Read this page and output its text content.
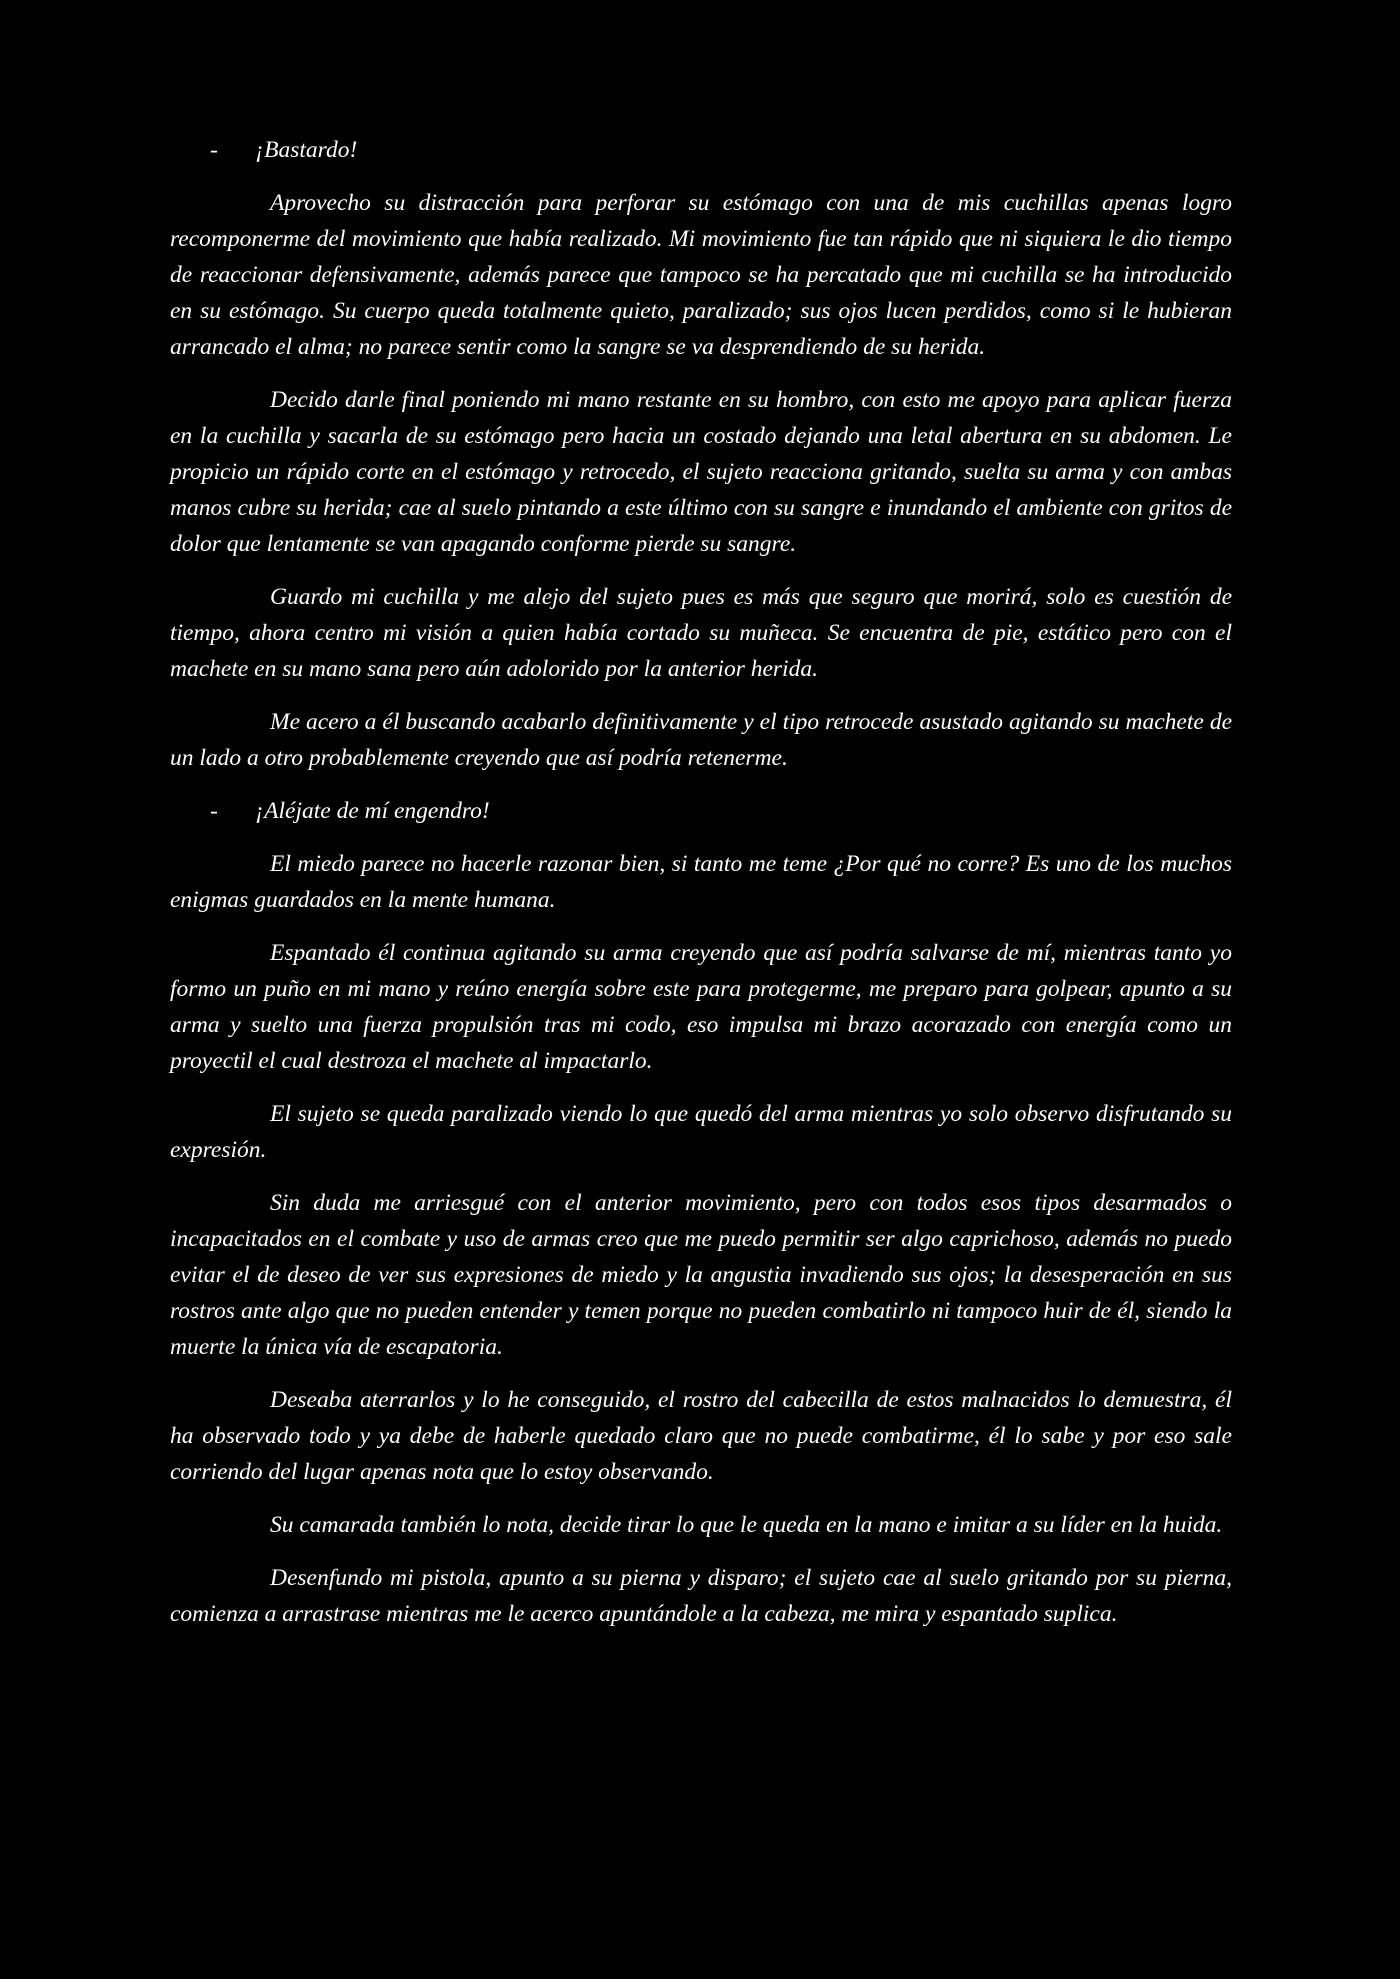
-	¡Bastardo!

Aprovecho su distracción para perforar su estómago con una de mis cuchillas apenas logro recomponerme del movimiento que había realizado. Mi movimiento fue tan rápido que ni siquiera le dio tiempo de reaccionar defensivamente, además parece que tampoco se ha percatado que mi cuchilla se ha introducido en su estómago. Su cuerpo queda totalmente quieto, paralizado; sus ojos lucen perdidos, como si le hubieran arrancado el alma; no parece sentir como la sangre se va desprendiendo de su herida.

Decido darle final poniendo mi mano restante en su hombro, con esto me apoyo para aplicar fuerza en la cuchilla y sacarla de su estómago pero hacia un costado dejando una letal abertura en su abdomen. Le propicio un rápido corte en el estómago y retrocedo, el sujeto reacciona gritando, suelta su arma y con ambas manos cubre su herida; cae al suelo pintando a este último con su sangre e inundando el ambiente con gritos de dolor que lentamente se van apagando conforme pierde su sangre.

Guardo mi cuchilla y me alejo del sujeto pues es más que seguro que morirá, solo es cuestión de tiempo, ahora centro mi visión a quien había cortado su muñeca. Se encuentra de pie, estático pero con el machete en su mano sana pero aún adolorido por la anterior herida.

Me acero a él buscando acabarlo definitivamente y el tipo retrocede asustado agitando su machete de un lado a otro probablemente creyendo que así podría retenerme.

-	¡Aléjate de mí engendro!

El miedo parece no hacerle razonar bien, si tanto me teme ¿Por qué no corre? Es uno de los muchos enigmas guardados en la mente humana.

Espantado él continua agitando su arma creyendo que así podría salvarse de mí, mientras tanto yo formo un puño en mi mano y reúno energía sobre este para protegerme, me preparo para golpear, apunto a su arma y suelto una fuerza propulsión tras mi codo, eso impulsa mi brazo acorazado con energía como un proyectil el cual destroza el machete al impactarlo.

El sujeto se queda paralizado viendo lo que quedó del arma mientras yo solo observo disfrutando su expresión.

Sin duda me arriesgué con el anterior movimiento, pero con todos esos tipos desarmados o incapacitados en el combate y uso de armas creo que me puedo permitir ser algo caprichoso, además no puedo evitar el de deseo de ver sus expresiones de miedo y la angustia invadiendo sus ojos; la desesperación en sus rostros ante algo que no pueden entender y temen porque no pueden combatirlo ni tampoco huir de él, siendo la muerte la única vía de escapatoria.

Deseaba aterrarlos y lo he conseguido, el rostro del cabecilla de estos malnacidos lo demuestra, él ha observado todo y ya debe de haberle quedado claro que no puede combatirme, él lo sabe y por eso sale corriendo del lugar apenas nota que lo estoy observando.

Su camarada también lo nota, decide tirar lo que le queda en la mano e imitar a su líder en la huida.

Desenfundo mi pistola, apunto a su pierna y disparo; el sujeto cae al suelo gritando por su pierna, comienza a arrastrase mientras me le acerco apuntándole a la cabeza, me mira y espantado suplica.
